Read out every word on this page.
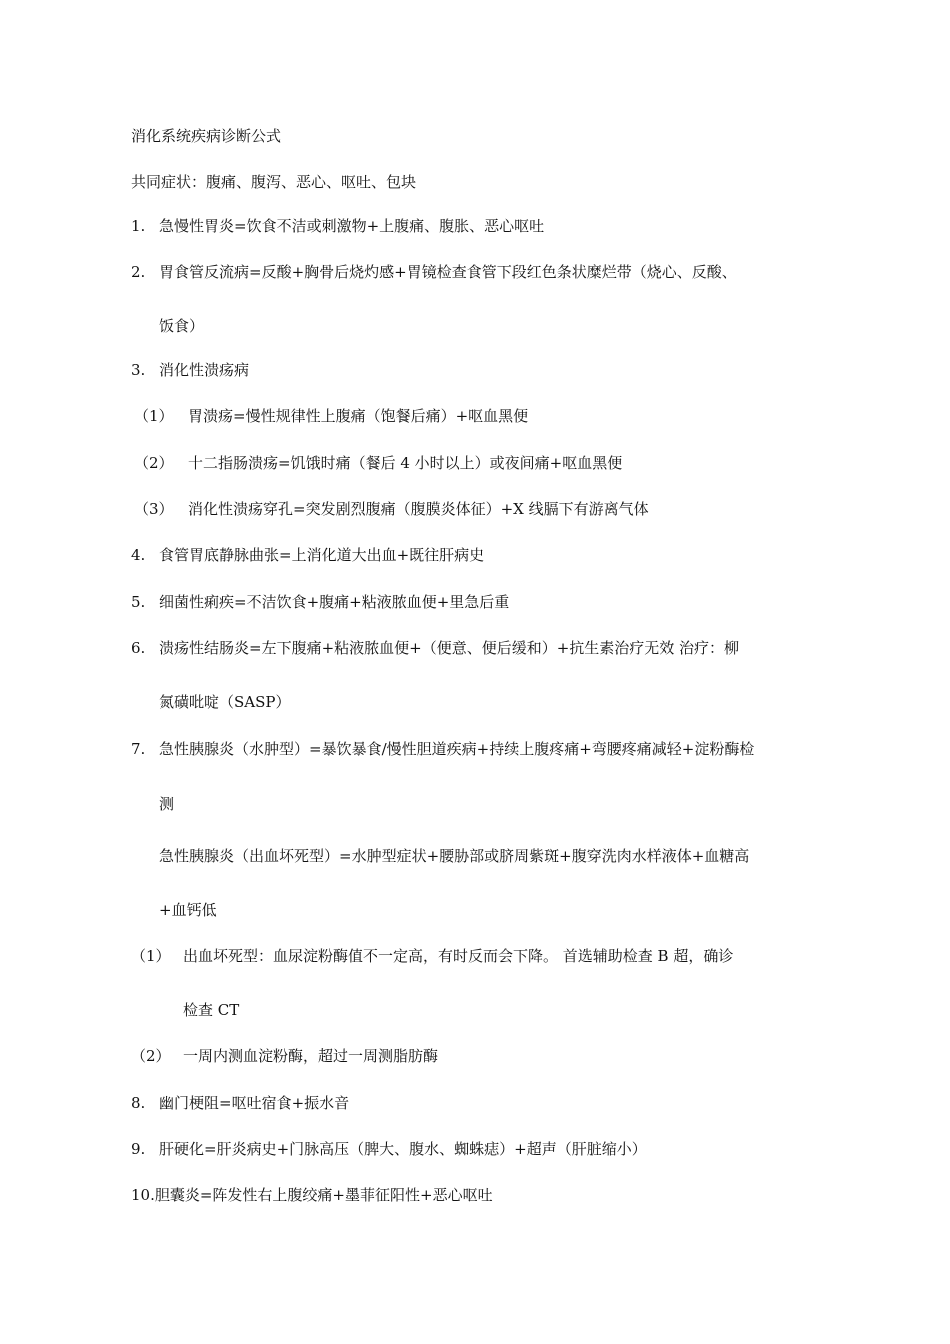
消化系统疾病诊断公式
共同症状：腹痛、腹泻、恶心、呕吐、包块
1. 急慢性胃炎=饮食不洁或刺激物+上腹痛、腹胀、恶心呕吐
2. 胃食管反流病=反酸+胸骨后烧灼感+胃镜检查食管下段红色条状糜烂带（烧心、反酸、
饭食）
3. 消化性溃疡病
（1） 胃溃疡=慢性规律性上腹痛（饱餐后痛）+呕血黑便
（2） 十二指肠溃疡=饥饿时痛（餐后 4 小时以上）或夜间痛+呕血黑便
（3） 消化性溃疡穿孔=突发剧烈腹痛（腹膜炎体征）+X 线膈下有游离气体
4. 食管胃底静脉曲张=上消化道大出血+既往肝病史
5. 细菌性痢疾=不洁饮食+腹痛+粘液脓血便+里急后重
6. 溃疡性结肠炎=左下腹痛+粘液脓血便+（便意、便后缓和）+抗生素治疗无效 治疗：柳
氮磺吡啶（SASP）
7. 急性胰腺炎（水肿型）=暴饮暴食/慢性胆道疾病+持续上腹疼痛+弯腰疼痛减轻+淀粉酶检
测
急性胰腺炎（出血坏死型）=水肿型症状+腰胁部或脐周紫斑+腹穿洗肉水样液体+血糖高
+血钙低
（1） 出血坏死型：血尿淀粉酶值不一定高，有时反而会下降。 首选辅助检查 B 超，确诊
检查 CT
（2） 一周内测血淀粉酶，超过一周测脂肪酶
8. 幽门梗阻=呕吐宿食+振水音
9. 肝硬化=肝炎病史+门脉高压（脾大、腹水、蜘蛛痣）+超声（肝脏缩小）
10.胆囊炎=阵发性右上腹绞痛+墨菲征阳性+恶心呕吐
